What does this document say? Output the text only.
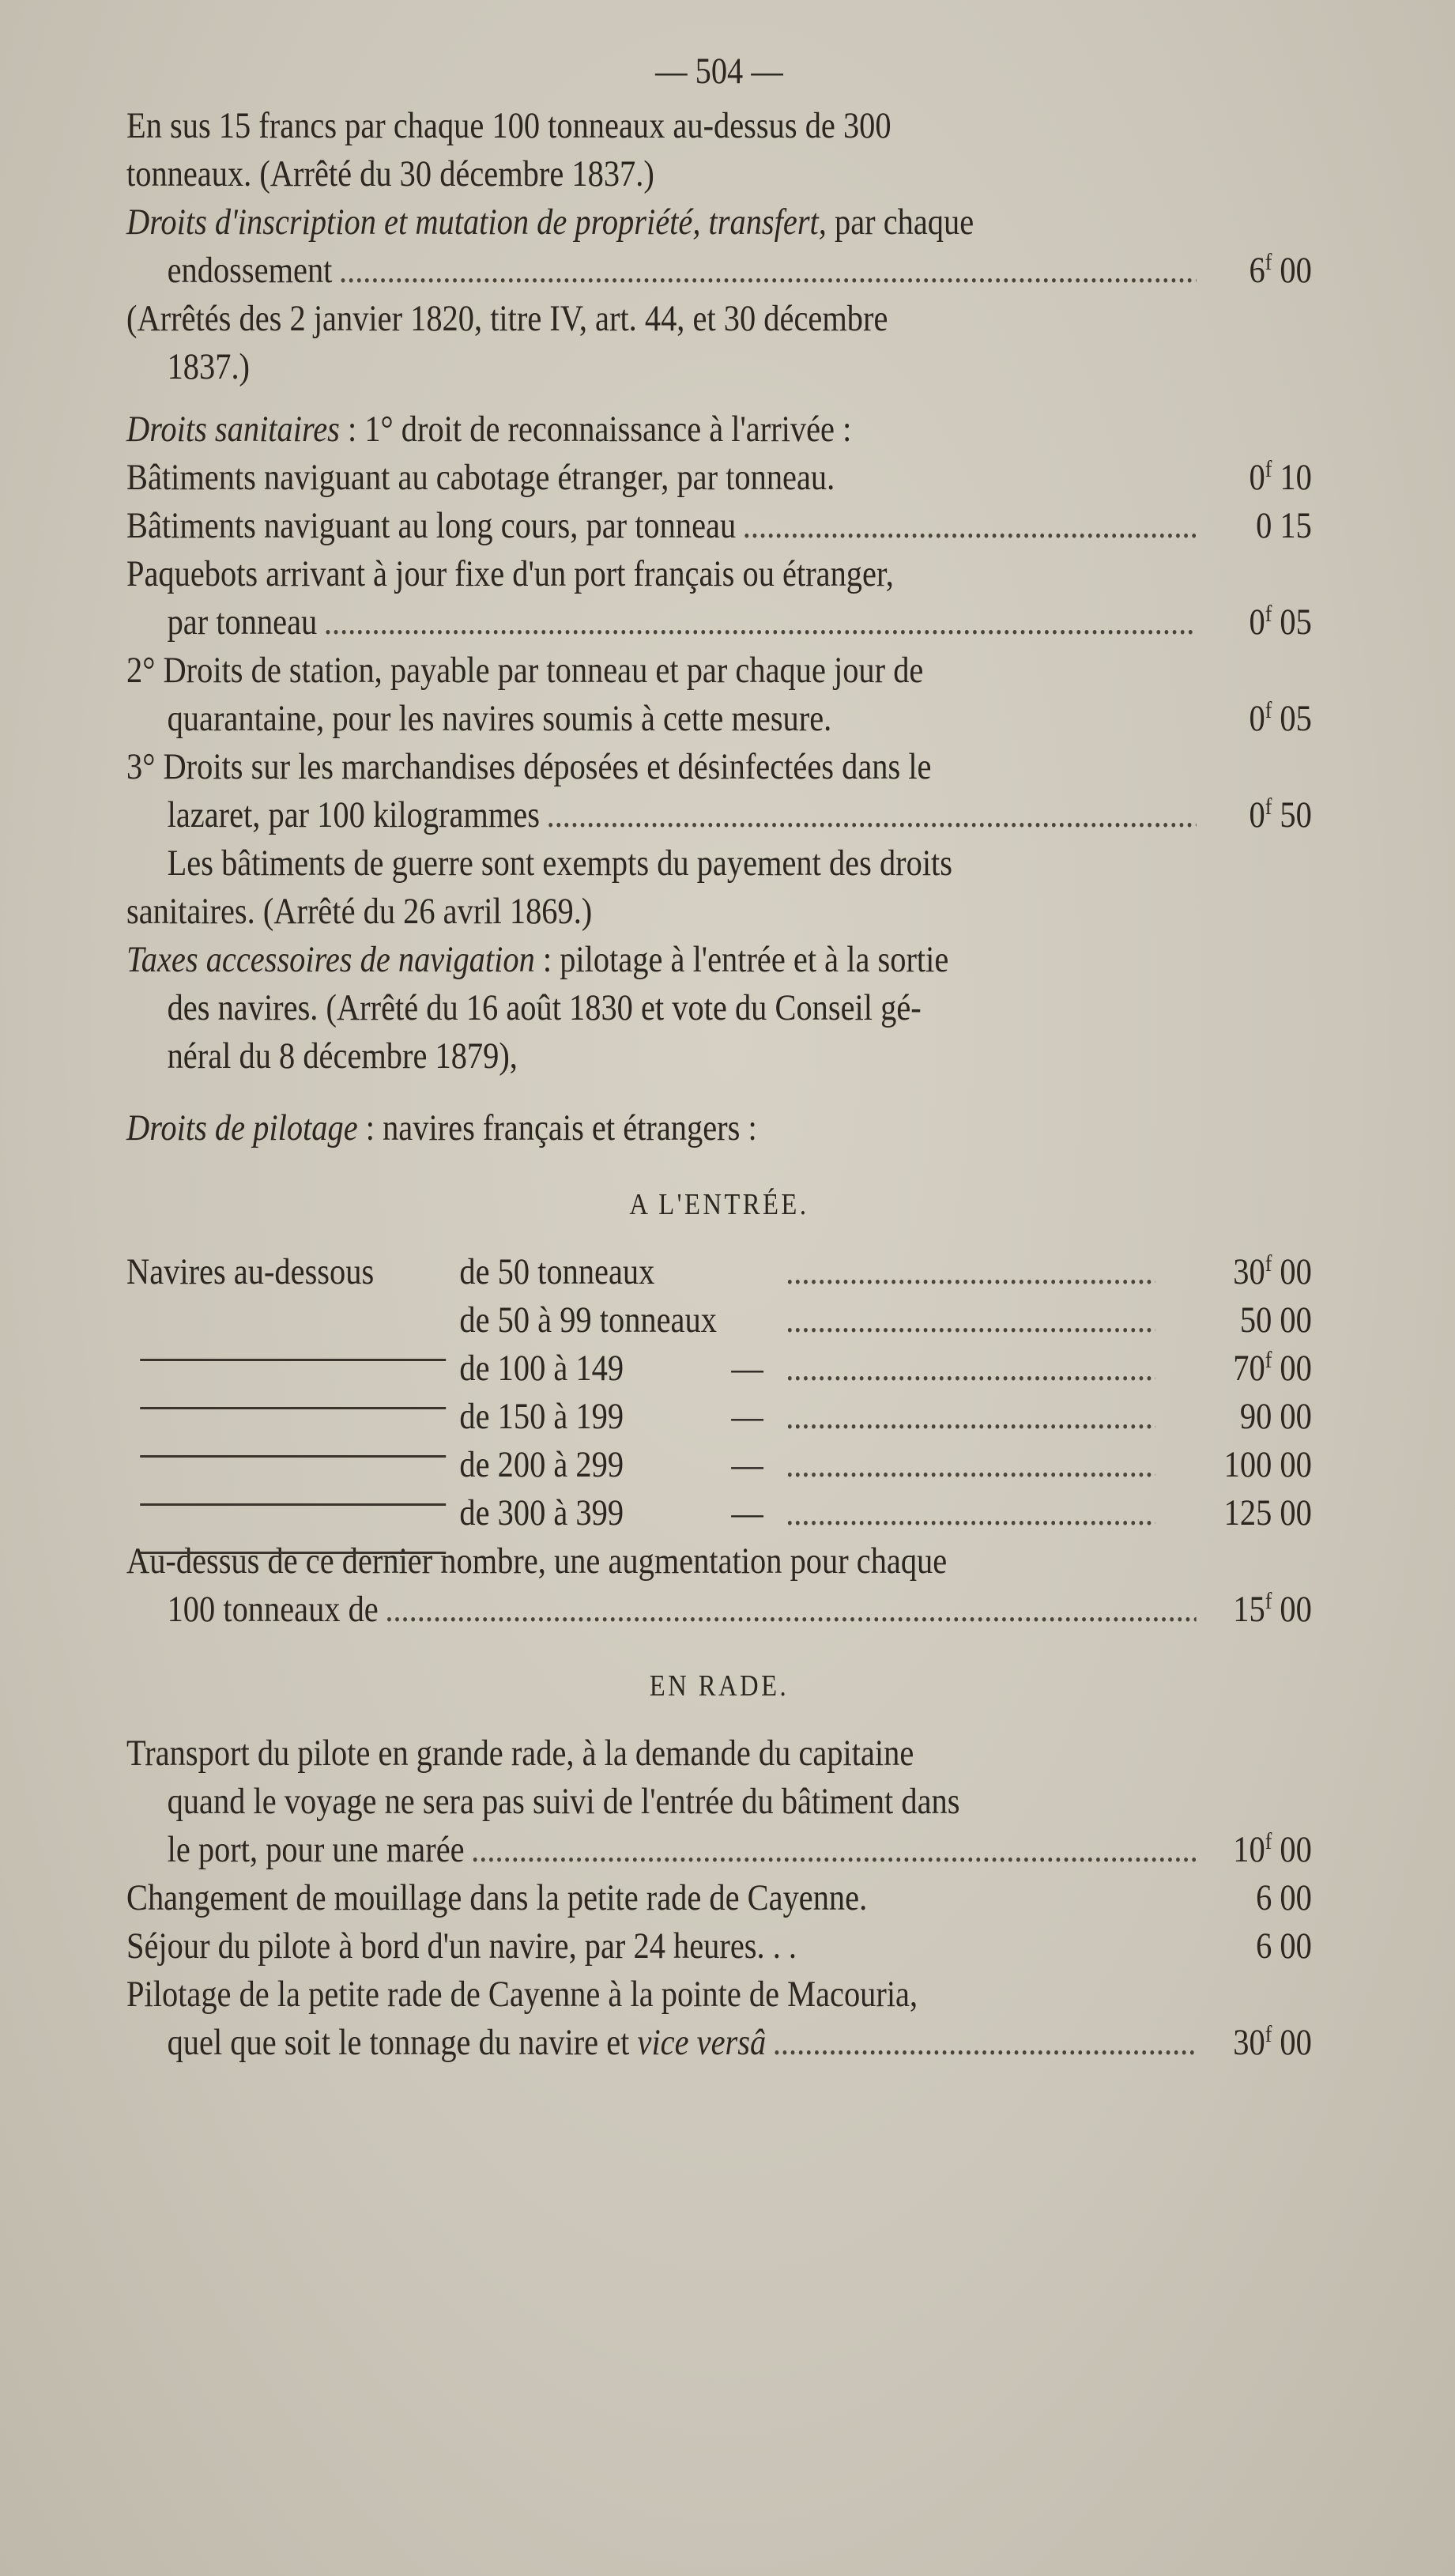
— 504 —

En sus 15 francs par chaque 100 tonneaux au-dessus de 300

tonneaux. (Arrêté du 30 décembre 1837.)

Droits d'inscription et mutation de propriété, transfert, par chaque

endossement .....	6$^f$ 00

(Arrêtés des 2 janvier 1820, titre IV, art. 44, et 30 décembre

1837.)

Droits sanitaires : 1° droit de reconnaissance à l'arrivée :

Bâtiments naviguant au cabotage étranger, par tonneau.	0$^f$ 10
Bâtiments naviguant au long cours, par tonneau .....	0 15

Paquebots arrivant à jour fixe d'un port français ou étranger,

par tonneau .....	0$^f$ 05

2° Droits de station, payable par tonneau et par chaque jour de

quarantaine, pour les navires soumis à cette mesure.	0$^f$ 05

3° Droits sur les marchandises déposées et désinfectées dans le

lazaret, par 100 kilogrammes .....	0$^f$ 50

Les bâtiments de guerre sont exempts du payement des droits

sanitaires. (Arrêté du 26 avril 1869.)

Taxes accessoires de navigation : pilotage à l'entrée et à la sortie

des navires. (Arrêté du 16 août 1830 et vote du Conseil gé-

néral du 8 décembre 1879),

Droits de pilotage : navires français et étrangers :

A L'ENTRÉE.

Navires au-dessous	de 50 tonneaux .....	30$^f$ 00
de 50 à 99 tonneaux .....	50 00
de 100 à 149	— .....	70$^f$ 00
de 150 à 199	— .....	90 00
de 200 à 299	— .....	100 00
de 300 à 399	— .....	125 00

Au-dessus de ce dernier nombre, une augmentation pour chaque

100 tonneaux de .....	15$^f$ 00

EN RADE.

Transport du pilote en grande rade, à la demande du capitaine

quand le voyage ne sera pas suivi de l'entrée du bâtiment dans

le port, pour une marée .....	10$^f$ 00
Changement de mouillage dans la petite rade de Cayenne.	6 00
Séjour du pilote à bord d'un navire, par 24 heures. . .	6 00

Pilotage de la petite rade de Cayenne à la pointe de Macouria,

quel que soit le tonnage du navire et vice versâ .....	30$^f$ 00
